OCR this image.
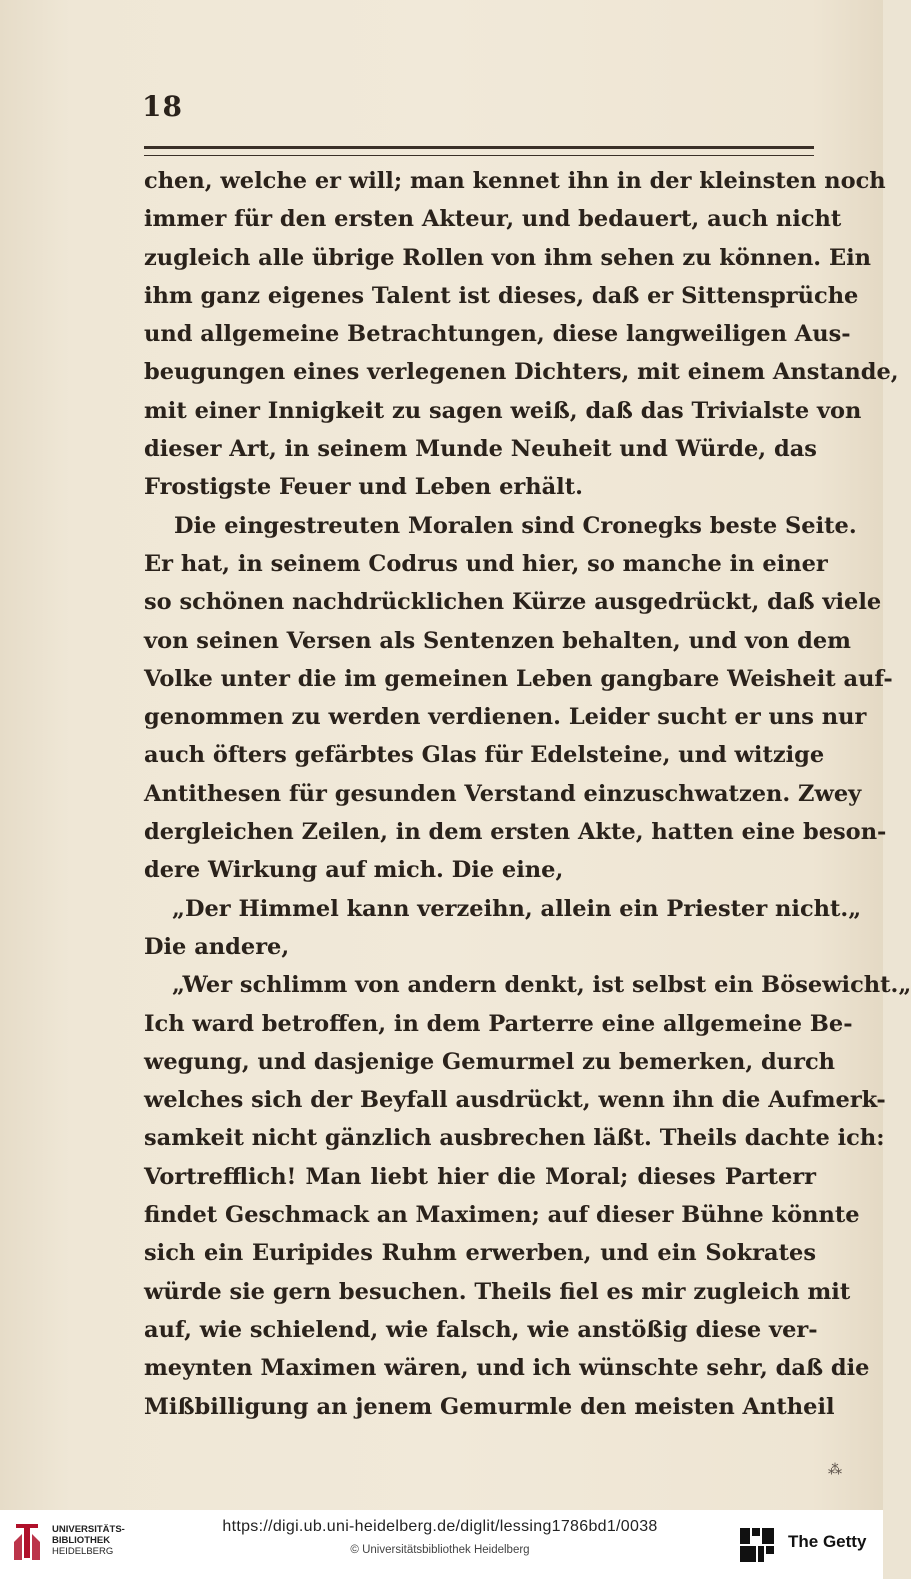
18
chen, welche er will; man kennet ihn in der kleinsten noch
immer für den ersten Akteur, und bedauert, auch nicht
zugleich alle übrige Rollen von ihm sehen zu können. Ein
ihm ganz eigenes Talent ist dieses, daß er Sittensprüche
und allgemeine Betrachtungen, diese langweiligen Aus-
beugungen eines verlegenen Dichters, mit einem Anstande,
mit einer Innigkeit zu sagen weiß, daß das Trivialste von
dieser Art, in seinem Munde Neuheit und Würde, das
Frostigste Feuer und Leben erhält.
Die eingestreuten Moralen sind Cronegks beste Seite.
Er hat, in seinem Codrus und hier, so manche in einer
so schönen nachdrücklichen Kürze ausgedrückt, daß viele
von seinen Versen als Sentenzen behalten, und von dem
Volke unter die im gemeinen Leben gangbare Weisheit auf-
genommen zu werden verdienen. Leider sucht er uns nur
auch öfters gefärbtes Glas für Edelsteine, und witzige
Antithesen für gesunden Verstand einzuschwatzen. Zwey
dergleichen Zeilen, in dem ersten Akte, hatten eine beson-
dere Wirkung auf mich. Die eine,
„Der Himmel kann verzeihn, allein ein Priester nicht.„
Die andere,
„Wer schlimm von andern denkt, ist selbst ein Bösewicht.„
Ich ward betroffen, in dem Parterre eine allgemeine Be-
wegung, und dasjenige Gemurmel zu bemerken, durch
welches sich der Beyfall ausdrückt, wenn ihn die Aufmerk-
samkeit nicht gänzlich ausbrechen läßt. Theils dachte ich:
Vortrefflich! Man liebt hier die Moral; dieses Parterr
findet Geschmack an Maximen; auf dieser Bühne könnte
sich ein Euripides Ruhm erwerben, und ein Sokrates
würde sie gern besuchen. Theils fiel es mir zugleich mit
auf, wie schielend, wie falsch, wie anstößig diese ver-
meynten Maximen wären, und ich wünschte sehr, daß die
Mißbilligung an jenem Gemurmle den meisten Antheil
⁂
UNIVERSITÄTS-
BIBLIOTHEK
HEIDELBERG
https://digi.ub.uni-heidelberg.de/diglit/lessing1786bd1/0038
© Universitätsbibliothek Heidelberg	The Getty
